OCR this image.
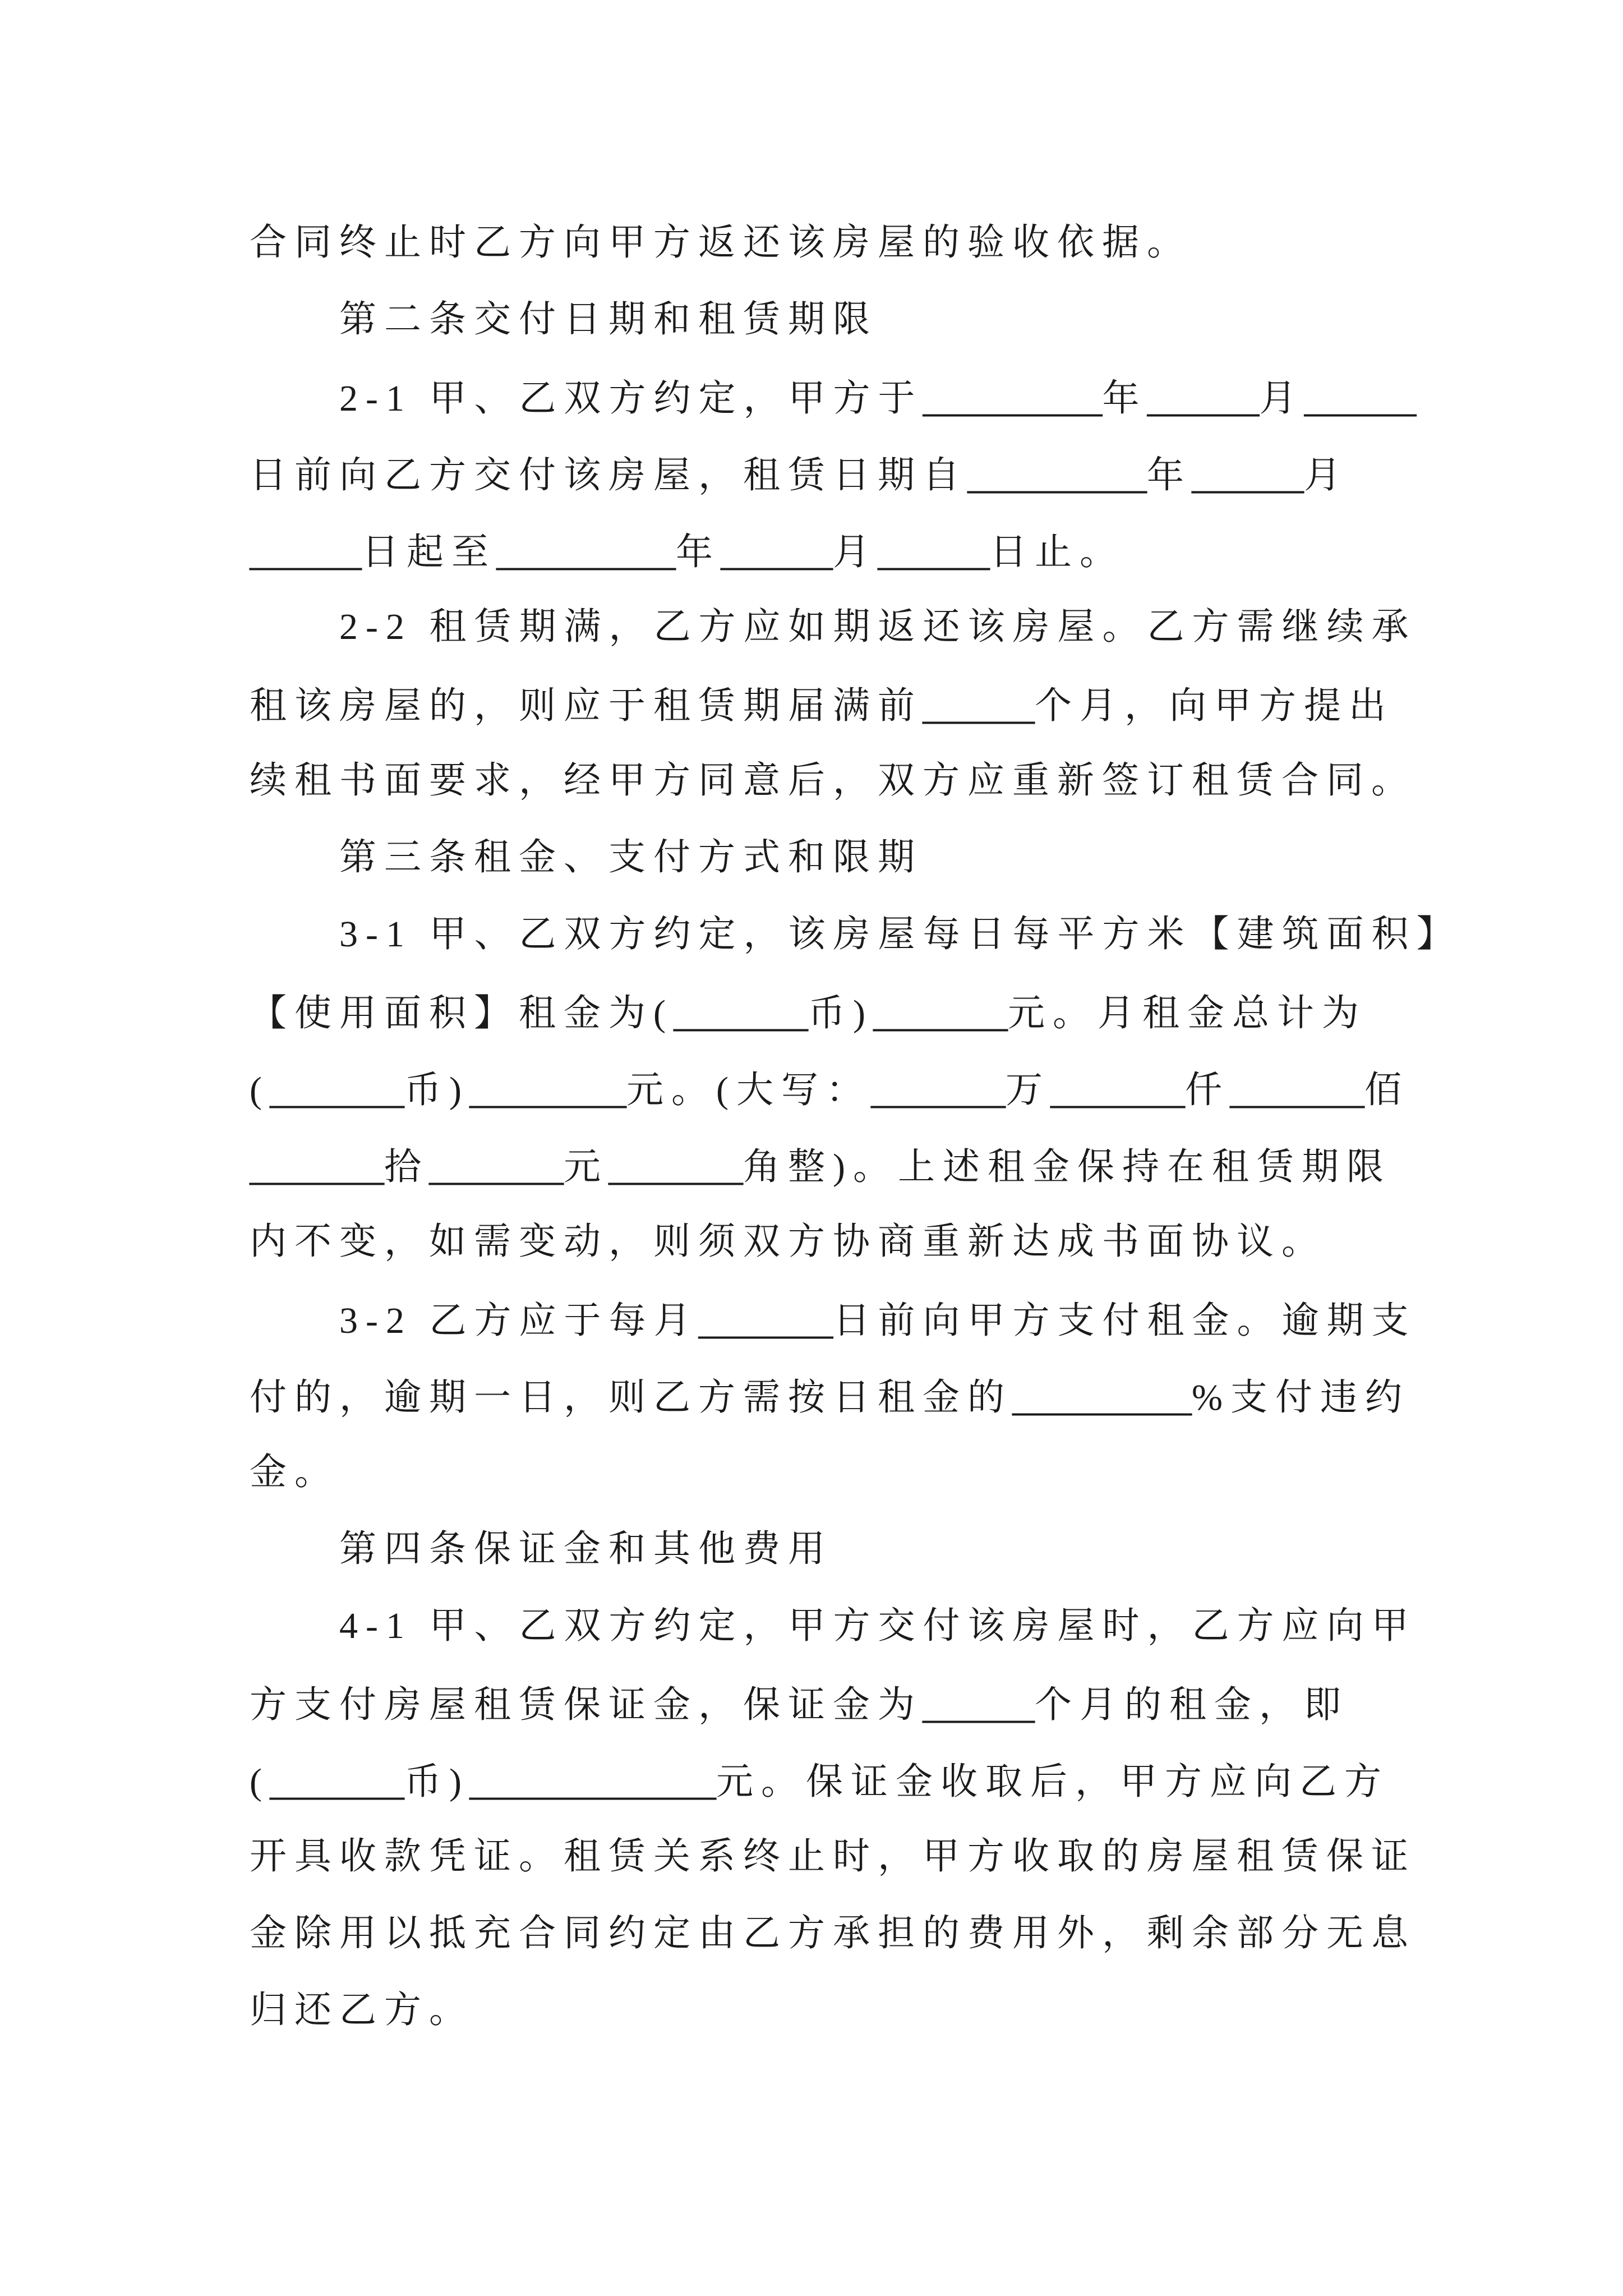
合同终止时乙方向甲方返还该房屋的验收依据。
第二条交付日期和租赁期限
2-1 甲、乙双方约定，甲方于________年_____月_____
日前向乙方交付该房屋，租赁日期自________年_____月
_____日起至________年_____月_____日止。
2-2 租赁期满，乙方应如期返还该房屋。乙方需继续承
租该房屋的，则应于租赁期届满前_____个月，向甲方提出
续租书面要求，经甲方同意后，双方应重新签订租赁合同。
第三条租金、支付方式和限期
3-1 甲、乙双方约定，该房屋每日每平方米【建筑面积】
【使用面积】租金为(______币)______元。月租金总计为
(______币)_______元。(大写：______万______仟______佰
______拾______元______角整)。上述租金保持在租赁期限
内不变，如需变动，则须双方协商重新达成书面协议。
3-2 乙方应于每月______日前向甲方支付租金。逾期支
付的，逾期一日，则乙方需按日租金的________%支付违约
金。
第四条保证金和其他费用
4-1 甲、乙双方约定，甲方交付该房屋时，乙方应向甲
方支付房屋租赁保证金，保证金为_____个月的租金，即
(______币)___________元。保证金收取后，甲方应向乙方
开具收款凭证。租赁关系终止时，甲方收取的房屋租赁保证
金除用以抵充合同约定由乙方承担的费用外，剩余部分无息
归还乙方。
